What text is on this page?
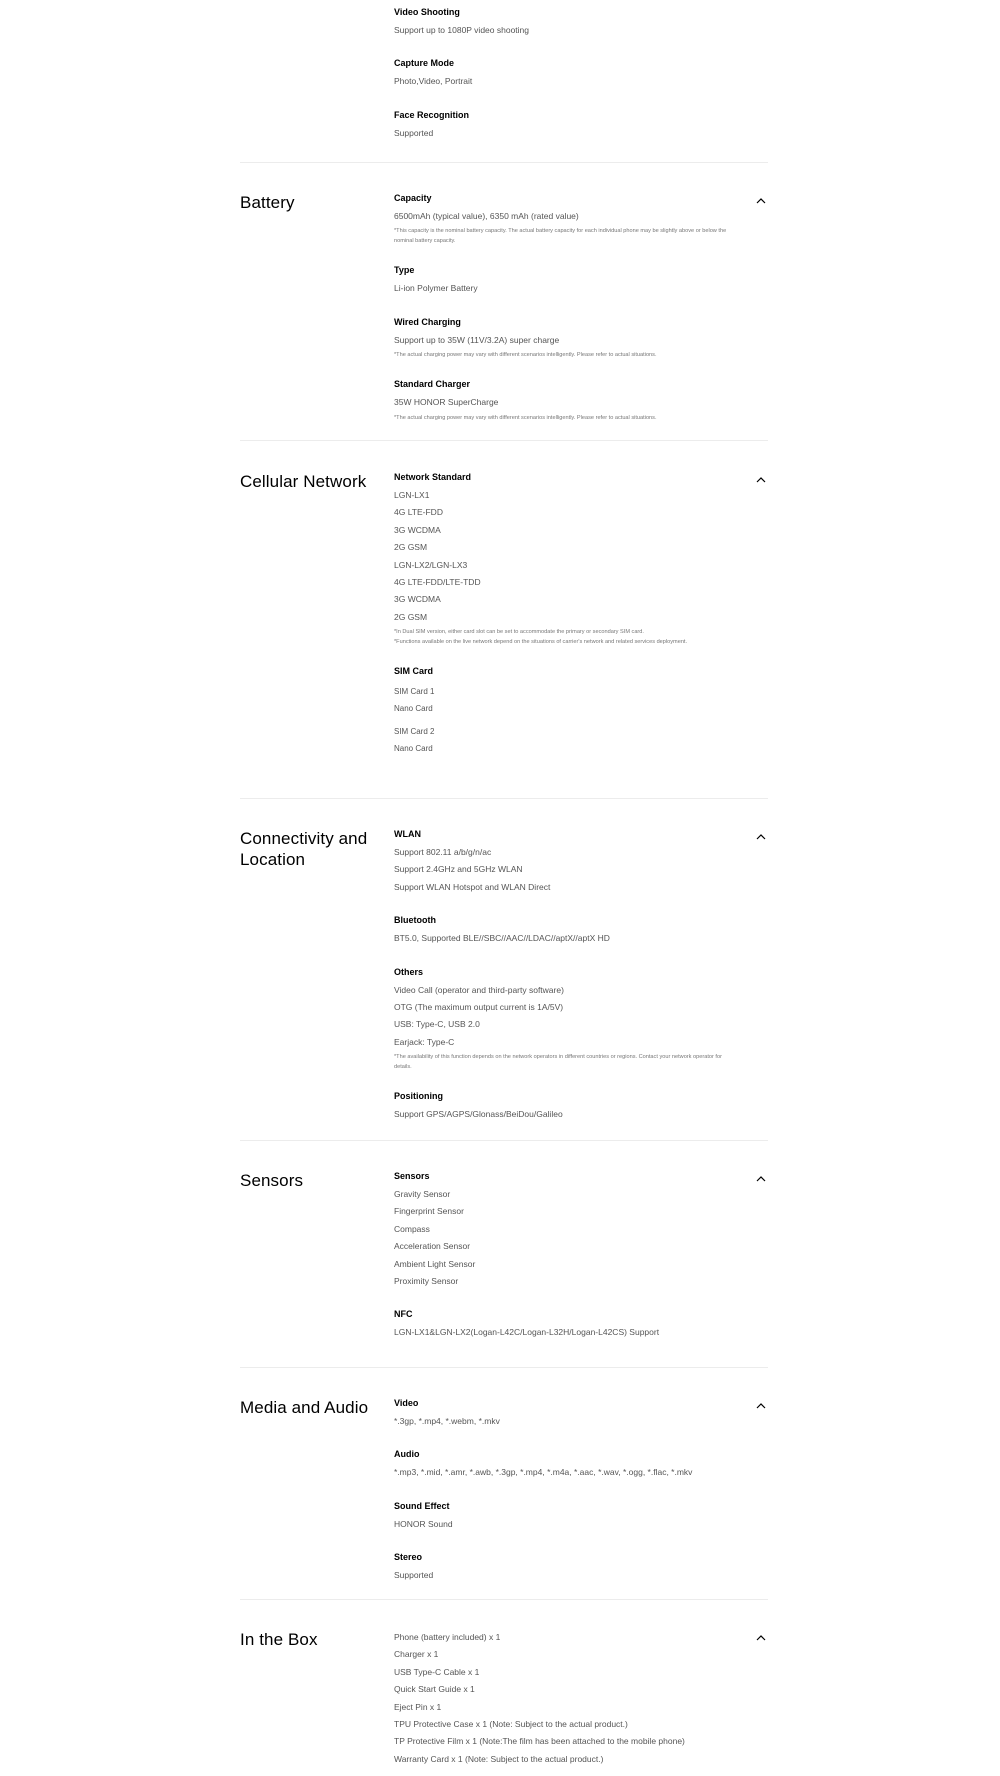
Video Shooting
Support up to 1080P video shooting
Capture Mode
Photo,Video, Portrait
Face Recognition
Supported
Battery	Capacity
6500mAh (typical value), 6350 mAh (rated value)
*This capacity is the nominal battery capacity. The actual battery capacity for each individual phone may be slightly above or below the nominal battery capacity.
Type
Li-ion Polymer Battery
Wired Charging
Support up to 35W (11V/3.2A) super charge
*The actual charging power may vary with different scenarios intelligently. Please refer to actual situations.
Standard Charger
35W HONOR SuperCharge
*The actual charging power may vary with different scenarios intelligently. Please refer to actual situations.
Cellular Network	Network Standard
LGN-LX1
4G LTE-FDD
3G WCDMA
2G GSM
LGN-LX2/LGN-LX3
4G LTE-FDD/LTE-TDD
3G WCDMA
2G GSM
*In Dual SIM version, either card slot can be set to accommodate the primary or secondary SIM card.
*Functions available on the live network depend on the situations of carrier's network and related services deployment.
SIM Card
SIM Card 1
Nano Card
SIM Card 2
Nano Card
Connectivity and Location
WLAN
Support 802.11 a/b/g/n/ac
Support 2.4GHz and 5GHz WLAN
Support WLAN Hotspot and WLAN Direct
Bluetooth
BT5.0, Supported BLE//SBC//AAC//LDAC//aptX//aptX HD
Others
Video Call (operator and third-party software)
OTG (The maximum output current is 1A/5V)
USB: Type-C, USB 2.0
Earjack: Type-C
*The availability of this function depends on the network operators in different countries or regions. Contact your network operator for details.
Positioning
Support GPS/AGPS/Glonass/BeiDou/Galileo
Sensors	Sensors
Gravity Sensor
Fingerprint Sensor
Compass
Acceleration Sensor
Ambient Light Sensor
Proximity Sensor
NFC
LGN-LX1&LGN-LX2(Logan-L42C/Logan-L32H/Logan-L42CS) Support
Media and Audio	Video
*.3gp, *.mp4, *.webm, *.mkv
Audio
*.mp3, *.mid, *.amr, *.awb, *.3gp, *.mp4, *.m4a, *.aac, *.wav, *.ogg, *.flac, *.mkv
Sound Effect
HONOR Sound
Stereo
Supported
In the Box	Phone (battery included) x 1
Charger x 1
USB Type-C Cable x 1
Quick Start Guide x 1
Eject Pin x 1
TPU Protective Case x 1 (Note: Subject to the actual product.)
TP Protective Film x 1 (Note:The film has been attached to the mobile phone)
Warranty Card x 1 (Note: Subject to the actual product.)
